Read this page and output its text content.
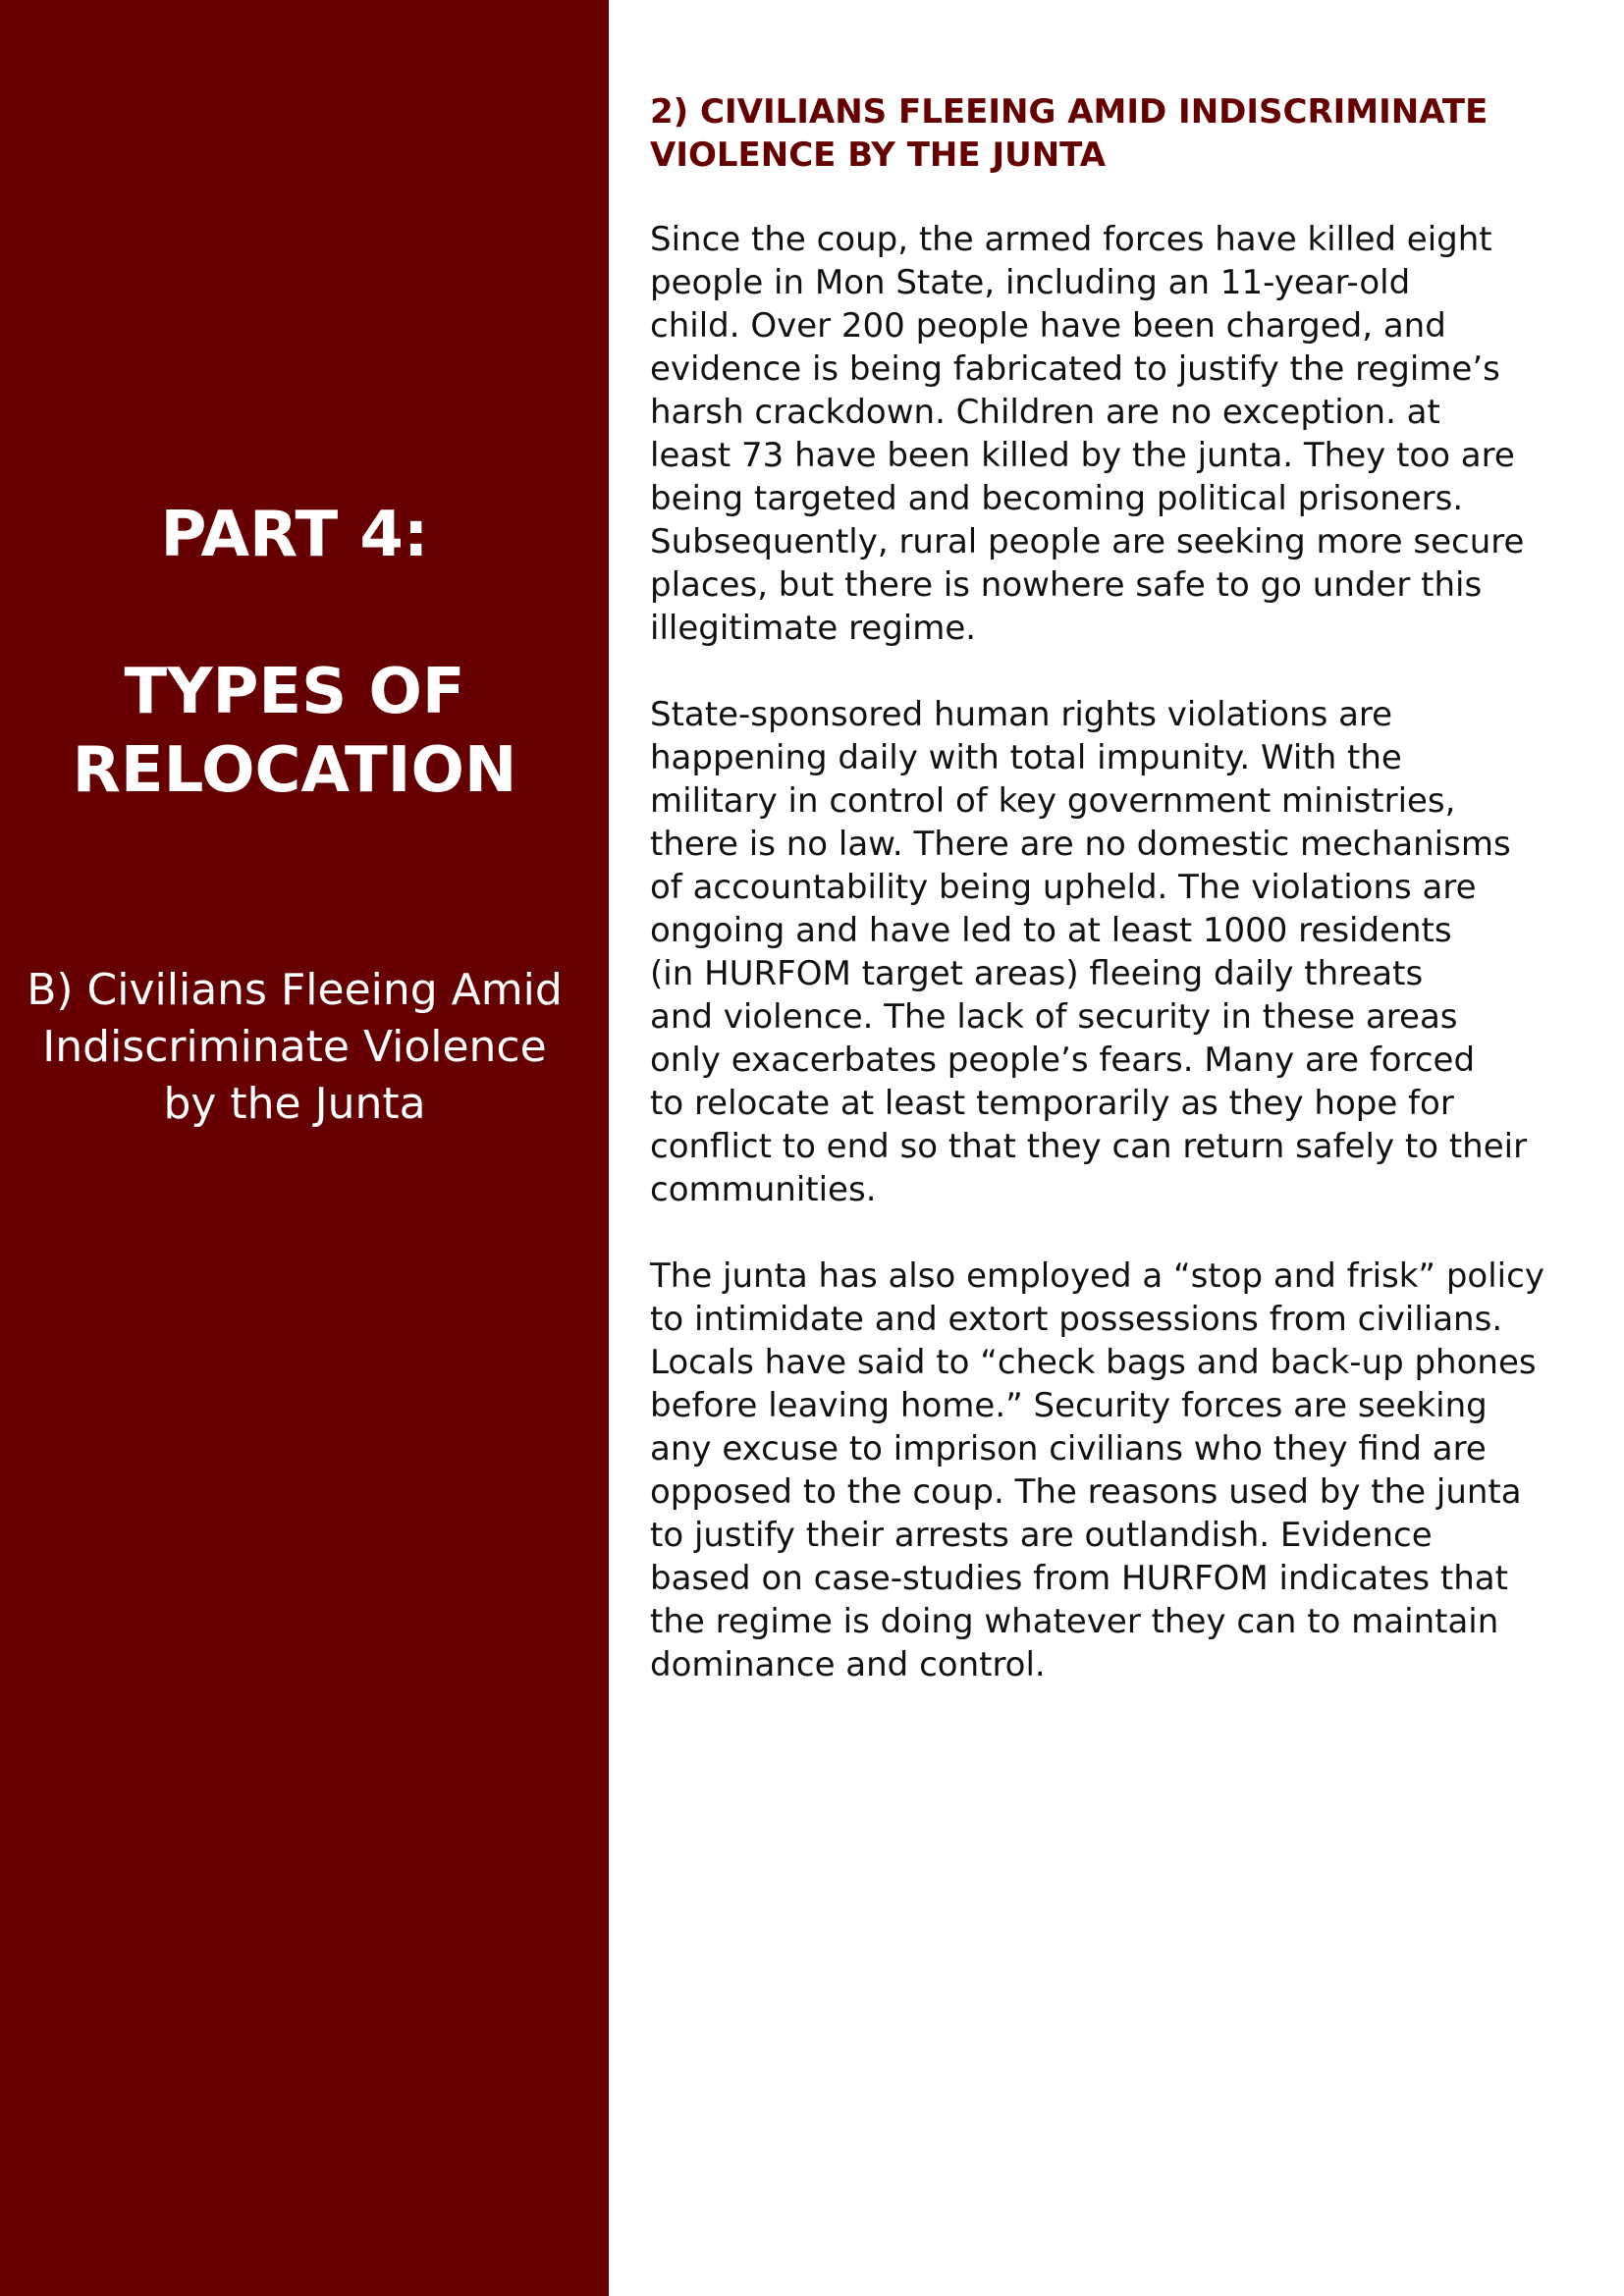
PART 4:
TYPES OF
RELOCATION
B) Civilians Fleeing Amid
Indiscriminate Violence
by the Junta
2) CIVILIANS FLEEING AMID INDISCRIMINATE
VIOLENCE BY THE JUNTA

Since the coup, the armed forces have killed eight
people in Mon State, including an 11-year-old
child. Over 200 people have been charged, and
evidence is being fabricated to justify the regime’s
harsh crackdown. Children are no exception. at
least 73 have been killed by the junta. They too are
being targeted and becoming political prisoners.
Subsequently, rural people are seeking more secure
places, but there is nowhere safe to go under this
illegitimate regime.

State-sponsored human rights violations are
happening daily with total impunity. With the
military in control of key government ministries,
there is no law. There are no domestic mechanisms
of accountability being upheld. The violations are
ongoing and have led to at least 1000 residents
(in HURFOM target areas) fleeing daily threats
and violence. The lack of security in these areas
only exacerbates people’s fears. Many are forced
to relocate at least temporarily as they hope for
conflict to end so that they can return safely to their
communities.

The junta has also employed a “stop and frisk” policy
to intimidate and extort possessions from civilians.
Locals have said to “check bags and back-up phones
before leaving home.” Security forces are seeking
any excuse to imprison civilians who they find are
opposed to the coup. The reasons used by the junta
to justify their arrests are outlandish. Evidence
based on case-studies from HURFOM indicates that
the regime is doing whatever they can to maintain
dominance and control.
